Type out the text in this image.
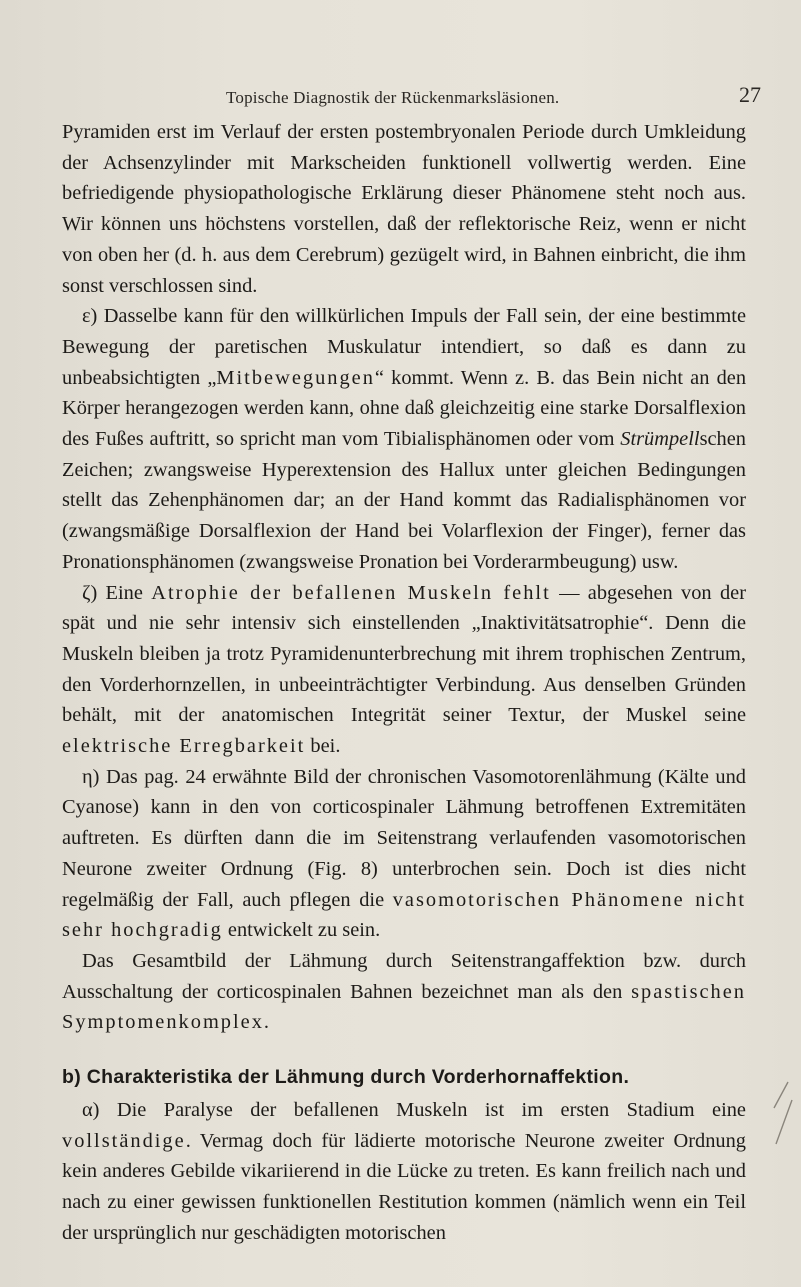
Topische Diagnostik der Rückenmarksläsionen.	27

Pyramiden erst im Verlauf der ersten postembryonalen Periode durch Umkleidung der Achsenzylinder mit Markscheiden funktionell vollwertig werden. Eine befriedigende physiopathologische Erklärung dieser Phänomene steht noch aus. Wir können uns höchstens vorstellen, daß der reflektorische Reiz, wenn er nicht von oben her (d. h. aus dem Cerebrum) gezügelt wird, in Bahnen einbricht, die ihm sonst verschlossen sind.

ε) Dasselbe kann für den willkürlichen Impuls der Fall sein, der eine bestimmte Bewegung der paretischen Muskulatur intendiert, so daß es dann zu unbeabsichtigten „Mitbewegungen“ kommt. Wenn z. B. das Bein nicht an den Körper herangezogen werden kann, ohne daß gleichzeitig eine starke Dorsalflexion des Fußes auftritt, so spricht man vom Tibialisphänomen oder vom Strümpellschen Zeichen; zwangsweise Hyperextension des Hallux unter gleichen Bedingungen stellt das Zehenphänomen dar; an der Hand kommt das Radialisphänomen vor (zwangsmäßige Dorsalflexion der Hand bei Volarflexion der Finger), ferner das Pronationsphänomen (zwangsweise Pronation bei Vorderarmbeugung) usw.

ζ) Eine Atrophie der befallenen Muskeln fehlt — abgesehen von der spät und nie sehr intensiv sich einstellenden „Inaktivitätsatrophie“. Denn die Muskeln bleiben ja trotz Pyramidenunterbrechung mit ihrem trophischen Zentrum, den Vorderhornzellen, in unbeeinträchtigter Verbindung. Aus denselben Gründen behält, mit der anatomischen Integrität seiner Textur, der Muskel seine elektrische Erregbarkeit bei.

η) Das pag. 24 erwähnte Bild der chronischen Vasomotorenlähmung (Kälte und Cyanose) kann in den von corticospinaler Lähmung betroffenen Extremitäten auftreten. Es dürften dann die im Seitenstrang verlaufenden vasomotorischen Neurone zweiter Ordnung (Fig. 8) unterbrochen sein. Doch ist dies nicht regelmäßig der Fall, auch pflegen die vasomotorischen Phänomene nicht sehr hochgradig entwickelt zu sein.

Das Gesamtbild der Lähmung durch Seitenstrangaffektion bzw. durch Ausschaltung der corticospinalen Bahnen bezeichnet man als den spastischen Symptomenkomplex.

b) Charakteristika der Lähmung durch Vorderhornaffektion.

α) Die Paralyse der befallenen Muskeln ist im ersten Stadium eine vollständige. Vermag doch für lädierte motorische Neurone zweiter Ordnung kein anderes Gebilde vikariierend in die Lücke zu treten. Es kann freilich nach und nach zu einer gewissen funktionellen Restitution kommen (nämlich wenn ein Teil der ursprünglich nur geschädigten motorischen
